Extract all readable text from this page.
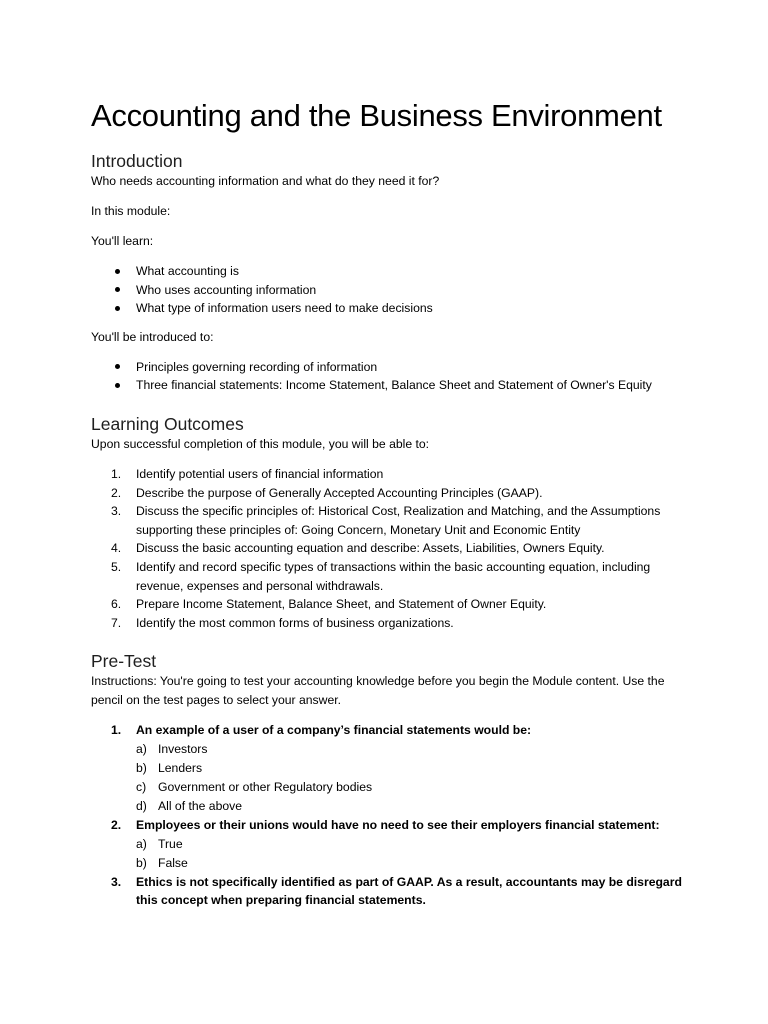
Accounting and the Business Environment
Introduction

Who needs accounting information and what do they need it for?

In this module:

You'll learn:

What accounting is
Who uses accounting information
What type of information users need to make decisions

You'll be introduced to:

Principles governing recording of information
Three financial statements: Income Statement, Balance Sheet and Statement of Owner's Equity
Learning Outcomes

Upon successful completion of this module, you will be able to:

1.	Identify potential users of financial information
2.	Describe the purpose of Generally Accepted Accounting Principles (GAAP).
3.	Discuss the specific principles of: Historical Cost, Realization and Matching, and the Assumptions supporting these principles of: Going Concern, Monetary Unit and Economic Entity
4.	Discuss the basic accounting equation and describe: Assets, Liabilities, Owners Equity.
5.	Identify and record specific types of transactions within the basic accounting equation, including revenue, expenses and personal withdrawals.
6.	Prepare Income Statement, Balance Sheet, and Statement of Owner Equity.
7.	Identify the most common forms of business organizations.
Pre-Test

Instructions: You're going to test your accounting knowledge before you begin the Module content. Use the pencil on the test pages to select your answer.

1. An example of a user of a company’s financial statements would be:
a) Investors
b) Lenders
c) Government or other Regulatory bodies
d) All of the above
2. Employees or their unions would have no need to see their employers financial statement:
a) True
b) False
3. Ethics is not specifically identified as part of GAAP. As a result, accountants may be disregard this concept when preparing financial statements.
